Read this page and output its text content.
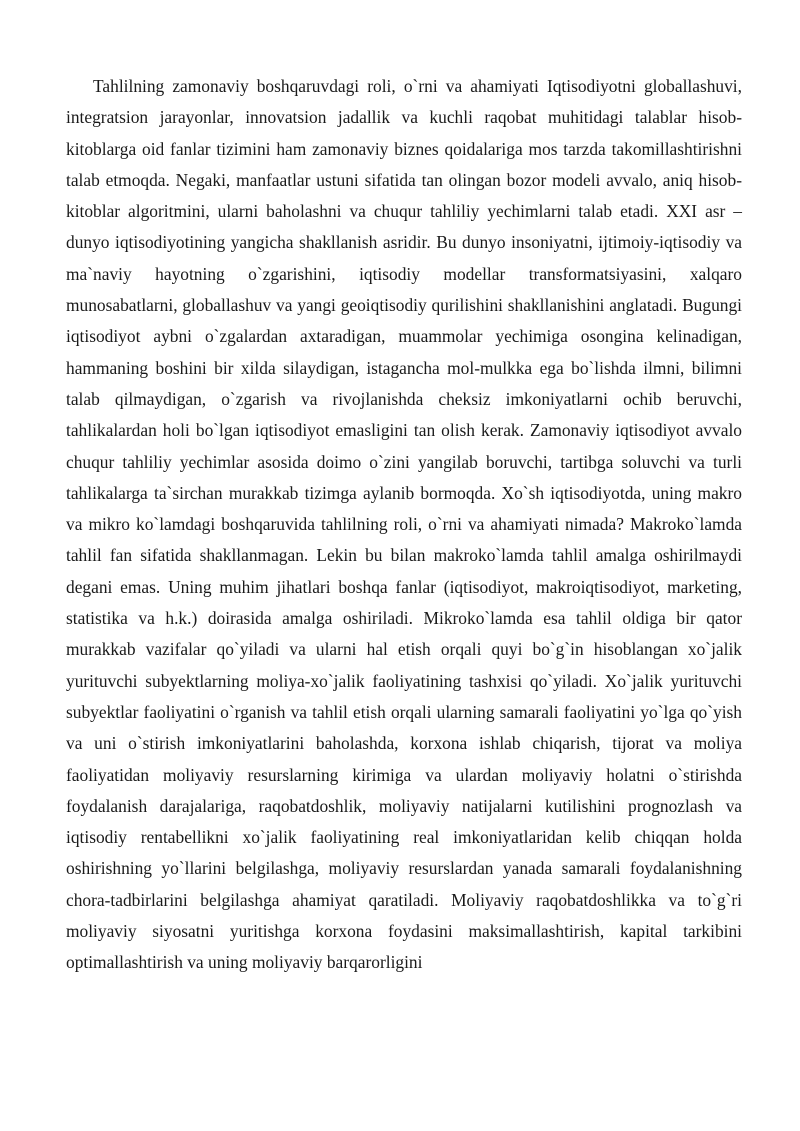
Tahlilning zamonaviy boshqaruvdagi roli, o`rni va ahamiyati Iqtisodiyotni globallashuvi, integratsion jarayonlar, innovatsion jadallik va kuchli raqobat muhitidagi talablar hisob-kitoblarga oid fanlar tizimini ham zamonaviy biznes qoidalariga mos tarzda takomillashtirishni talab etmoqda. Negaki, manfaatlar ustuni sifatida tan olingan bozor modeli avvalo, aniq hisob- kitoblar algoritmini, ularni baholashni va chuqur tahliliy yechimlarni talab etadi. XXI asr – dunyo iqtisodiyotining yangicha shakllanish asridir. Bu dunyo insoniyatni, ijtimoiy-iqtisodiy va ma`naviy hayotning o`zgarishini, iqtisodiy modellar transformatsiyasini, xalqaro munosabatlarni, globallashuv va yangi geoiqtisodiy qurilishini shakllanishini anglatadi. Bugungi iqtisodiyot aybni o`zgalardan axtaradigan, muammolar yechimiga osongina kelinadigan, hammaning boshini bir xilda silaydigan, istagancha mol-mulkka ega bo`lishda ilmni, bilimni talab qilmaydigan, o`zgarish va rivojlanishda cheksiz imkoniyatlarni ochib beruvchi, tahlikalardan holi bo`lgan iqtisodiyot emasligini tan olish kerak. Zamonaviy iqtisodiyot avvalo chuqur tahliliy yechimlar asosida doimo o`zini yangilab boruvchi, tartibga soluvchi va turli tahlikalarga ta`sirchan murakkab tizimga aylanib bormoqda. Xo`sh iqtisodiyotda, uning makro va mikro ko`lamdagi boshqaruvida tahlilning roli, o`rni va ahamiyati nimada? Makroko`lamda tahlil fan sifatida shakllanmagan. Lekin bu bilan makroko`lamda tahlil amalga oshirilmaydi degani emas. Uning muhim jihatlari boshqa fanlar (iqtisodiyot, makroiqtisodiyot, marketing, statistika va h.k.) doirasida amalga oshiriladi. Mikroko`lamda esa tahlil oldiga bir qator murakkab vazifalar qo`yiladi va ularni hal etish orqali quyi bo`g`in hisoblangan xo`jalik yurituvchi subyektlarning moliya-xo`jalik faoliyatining tashxisi qo`yiladi. Xo`jalik yurituvchi subyektlar faoliyatini o`rganish va tahlil etish orqali ularning samarali faoliyatini yo`lga qo`yish va uni o`stirish imkoniyatlarini baholashda, korxona ishlab chiqarish, tijorat va moliya faoliyatidan moliyaviy resurslarning kirimiga va ulardan moliyaviy holatni o`stirishda foydalanish darajalariga, raqobatdoshlik, moliyaviy natijalarni kutilishini prognozlash va iqtisodiy rentabellikni xo`jalik faoliyatining real imkoniyatlaridan kelib chiqqan holda oshirishning yo`llarini belgilashga, moliyaviy resurslardan yanada samarali foydalanishning chora-tadbirlarini belgilashga ahamiyat qaratiladi. Moliyaviy raqobatdoshlikka va to`g`ri moliyaviy siyosatni yuritishga korxona foydasini maksimallashtirish, kapital tarkibini optimallashtirish va uning moliyaviy barqarorligini
